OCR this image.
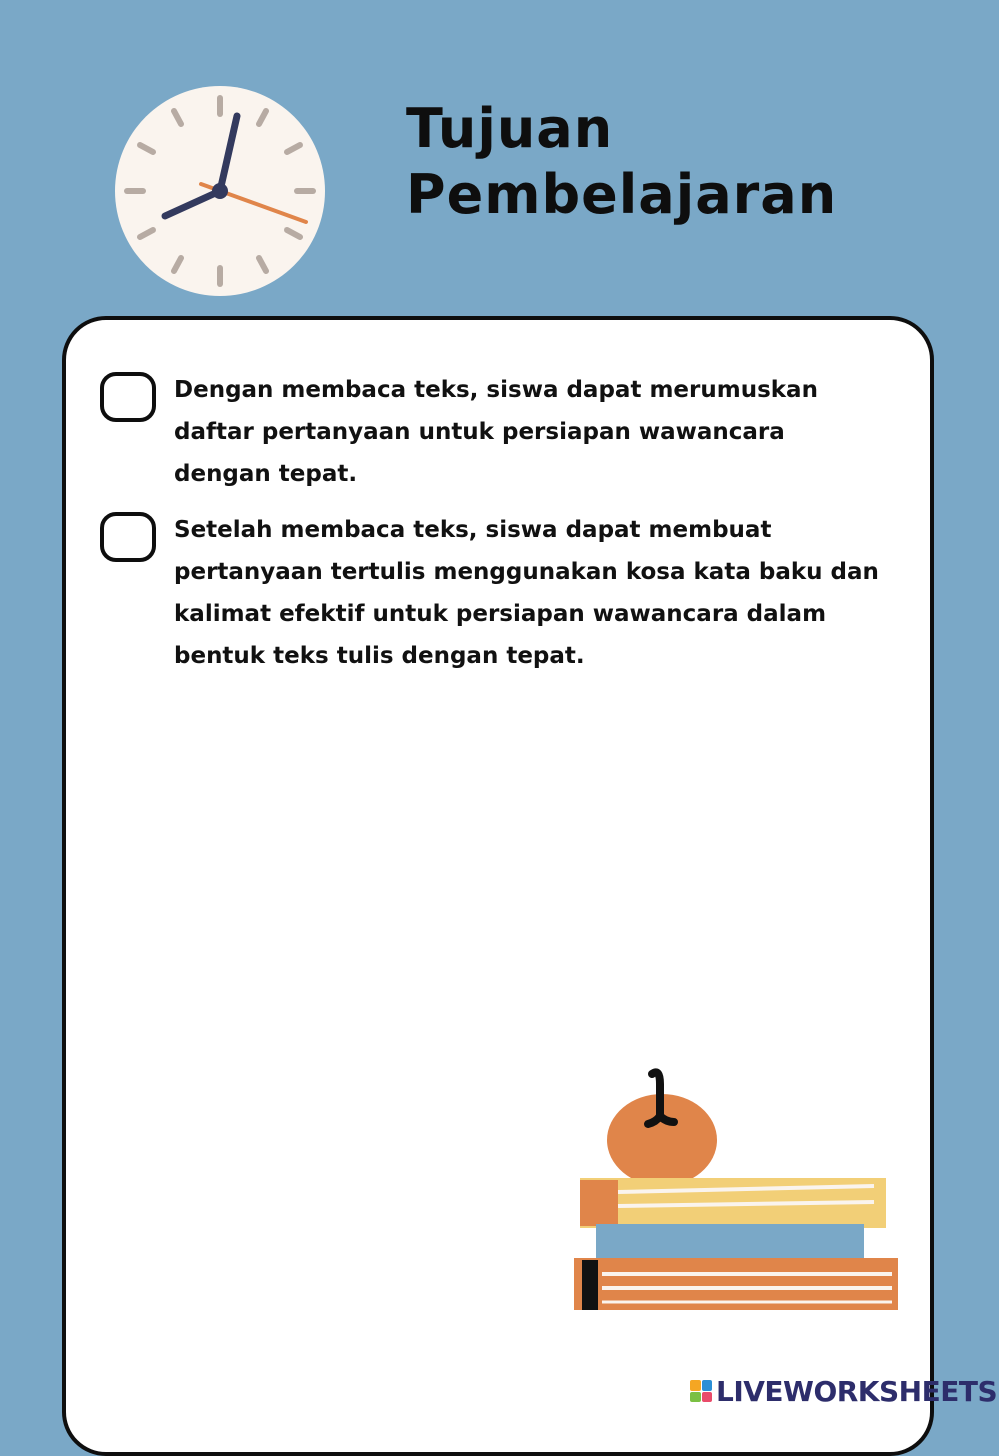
Tujuan
Pembelajaran

Dengan membaca teks, siswa dapat merumuskan
daftar pertanyaan untuk persiapan wawancara
dengan tepat.

Setelah membaca teks, siswa dapat membuat
pertanyaan tertulis menggunakan kosa kata baku dan
kalimat efektif untuk persiapan wawancara dalam
bentuk teks tulis dengan tepat.

LIVEWORKSHEETS
